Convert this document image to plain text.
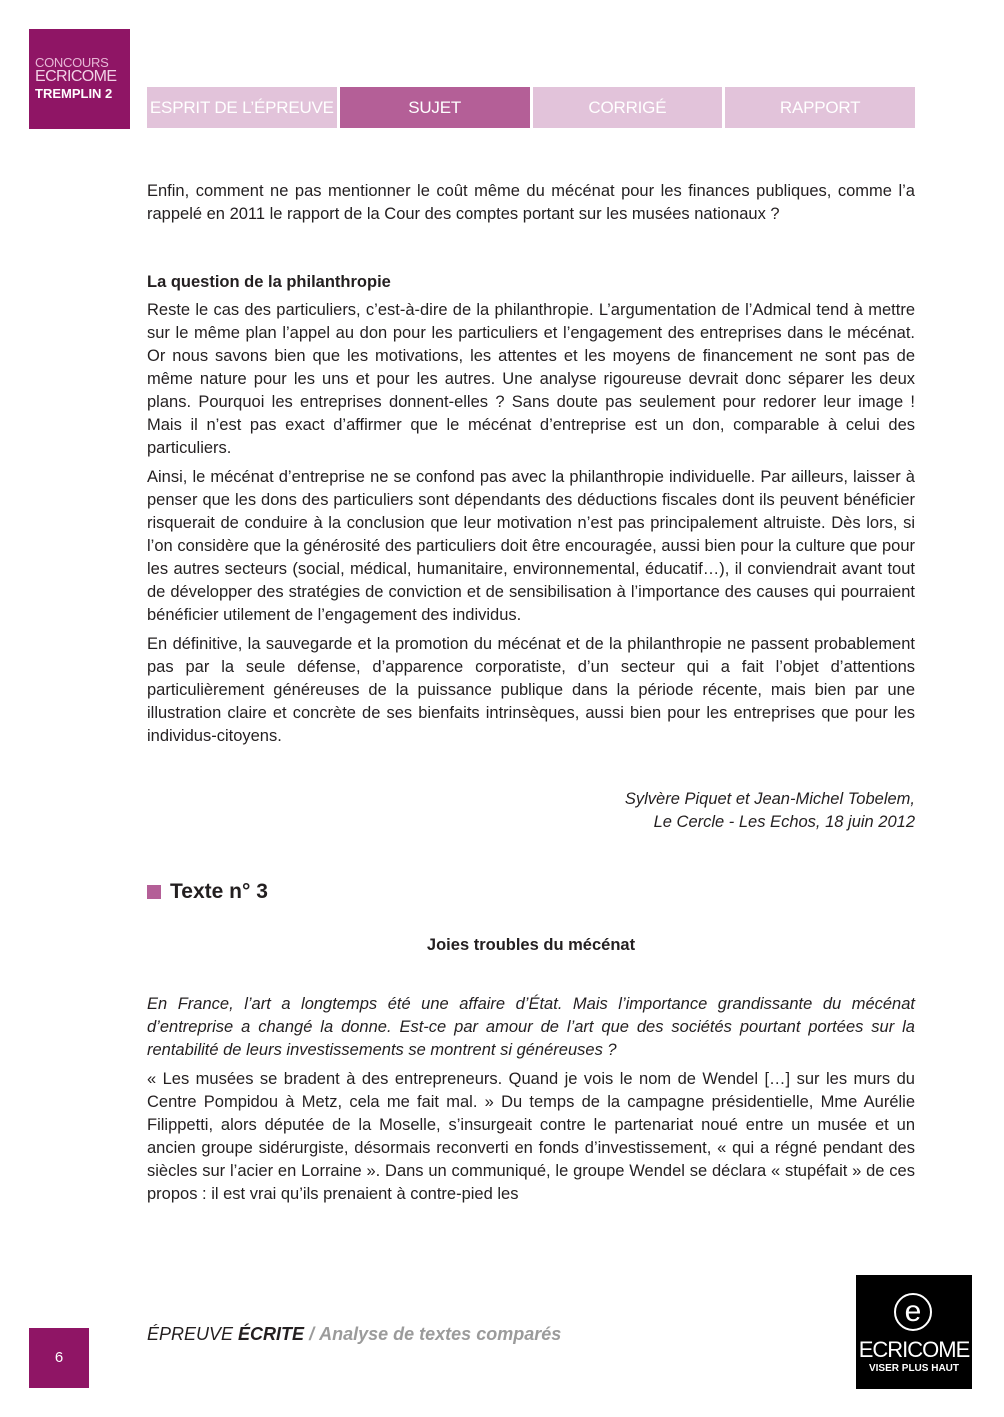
CONCOURS
ECRICOME
TREMPLIN 2
ESPRIT DE L’ÉPREUVE	SUJET	CORRIGÉ	RAPPORT

Enfin, comment ne pas mentionner le coût même du mécénat pour les finances publiques, comme l’a rappelé en 2011 le rapport de la Cour des comptes portant sur les musées nationaux ?

La question de la philanthropie

Reste le cas des particuliers, c’est-à-dire de la philanthropie. L’argumentation de l’Admical tend à mettre sur le même plan l’appel au don pour les particuliers et l’engagement des entreprises dans le mécénat. Or nous savons bien que les motivations, les attentes et les moyens de financement ne sont pas de même nature pour les uns et pour les autres. Une analyse rigoureuse devrait donc séparer les deux plans. Pourquoi les entreprises donnent-elles ? Sans doute pas seulement pour redorer leur image ! Mais il n’est pas exact d’affirmer que le mécénat d’entreprise est un don, comparable à celui des particuliers.

Ainsi, le mécénat d’entreprise ne se confond pas avec la philanthropie individuelle. Par ailleurs, laisser à penser que les dons des particuliers sont dépendants des déductions fiscales dont ils peuvent bénéficier risquerait de conduire à la conclusion que leur motivation n’est pas principalement altruiste. Dès lors, si l’on considère que la générosité des particuliers doit être encouragée, aussi bien pour la culture que pour les autres secteurs (social, médical, humanitaire, environnemental, éducatif…), il conviendrait avant tout de développer des stratégies de conviction et de sensibilisation à l’importance des causes qui pourraient bénéficier utilement de l’engagement des individus.

En définitive, la sauvegarde et la promotion du mécénat et de la philanthropie ne passent probablement pas par la seule défense, d’apparence corporatiste, d’un secteur qui a fait l’objet d’attentions particulièrement généreuses de la puissance publique dans la période récente, mais bien par une illustration claire et concrète de ses bienfaits intrinsèques, aussi bien pour les entreprises que pour les individus-citoyens.

Sylvère Piquet et Jean-Michel Tobelem,
Le Cercle - Les Echos, 18 juin 2012

Texte n° 3

Joies troubles du mécénat

En France, l’art a longtemps été une affaire d’État. Mais l’importance grandissante du mécénat d’entreprise a changé la donne. Est-ce par amour de l’art que des sociétés pourtant portées sur la rentabilité de leurs investissements se montrent si généreuses ?

« Les musées se bradent à des entrepreneurs. Quand je vois le nom de Wendel […] sur les murs du Centre Pompidou à Metz, cela me fait mal. » Du temps de la campagne présidentielle, Mme Aurélie Filippetti, alors députée de la Moselle, s’insurgeait contre le partenariat noué entre un musée et un ancien groupe sidérurgiste, désormais reconverti en fonds d’investissement, « qui a régné pendant des siècles sur l’acier en Lorraine ». Dans un communiqué, le groupe Wendel se déclara « stupéfait » de ces propos : il est vrai qu’ils prenaient à contre-pied les

ÉPREUVE ÉCRITE / Analyse de textes comparés
6
e
ECRICOME
VISER PLUS HAUT
